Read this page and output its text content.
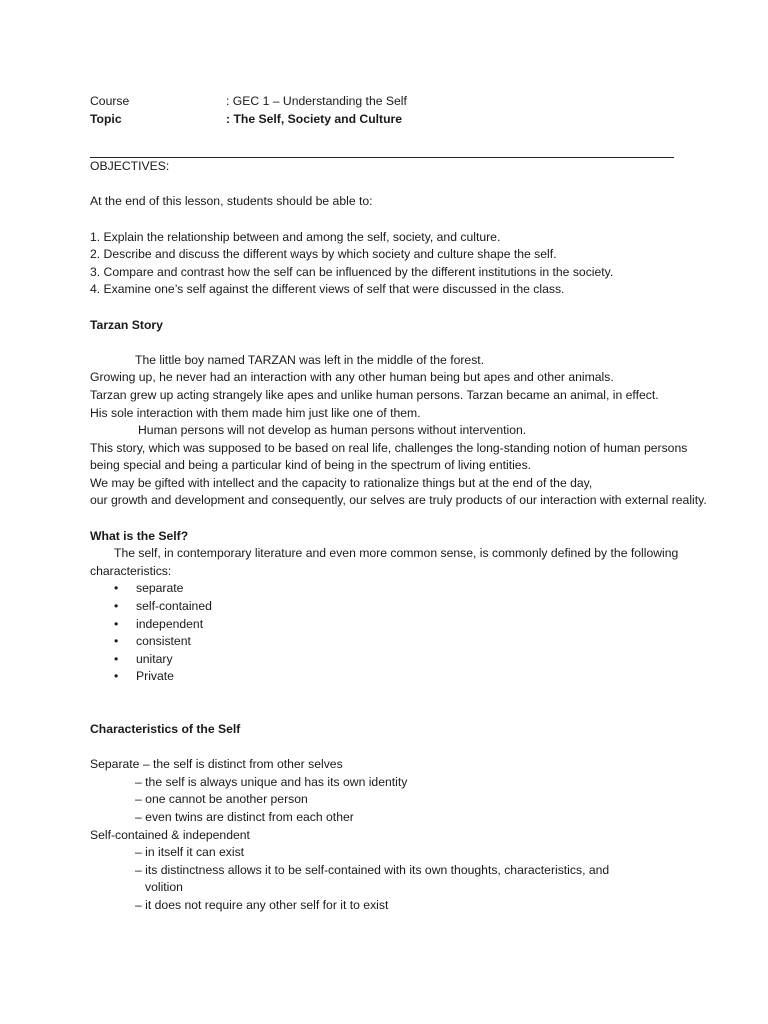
Course	: GEC 1 – Understanding the Self
Topic	: The Self, Society and Culture

OBJECTIVES:

At the end of this lesson, students should be able to:

1. Explain the relationship between and among the self, society, and culture.

2. Describe and discuss the different ways by which society and culture shape the self.

3. Compare and contrast how the self can be influenced by the different institutions in the society.

4. Examine one’s self against the different views of self that were discussed in the class.

Tarzan Story

The little boy named TARZAN was left in the middle of the forest.

Growing up, he never had an interaction with any other human being but apes and other animals.

Tarzan grew up acting strangely like apes and unlike human persons. Tarzan became an animal, in effect.

His sole interaction with them made him just like one of them.

Human persons will not develop as human persons without intervention.

This story, which was supposed to be based on real life, challenges the long-standing notion of human persons being special and being a particular kind of being in the spectrum of living entities.

We may be gifted with intellect and the capacity to rationalize things but at the end of the day,

our growth and development and consequently, our selves are truly products of our interaction with external reality.

What is the Self?

The self, in contemporary literature and even more common sense, is commonly defined by the following characteristics:

•	separate
•	self-contained
•	independent
•	consistent
•	unitary
•	Private

Characteristics of the Self

Separate – the self is distinct from other selves

– the self is always unique and has its own identity

– one cannot be another person

– even twins are distinct from each other

Self-contained & independent

– in itself it can exist

– its distinctness allows it to be self-contained with its own thoughts, characteristics, and

volition

– it does not require any other self for it to exist
